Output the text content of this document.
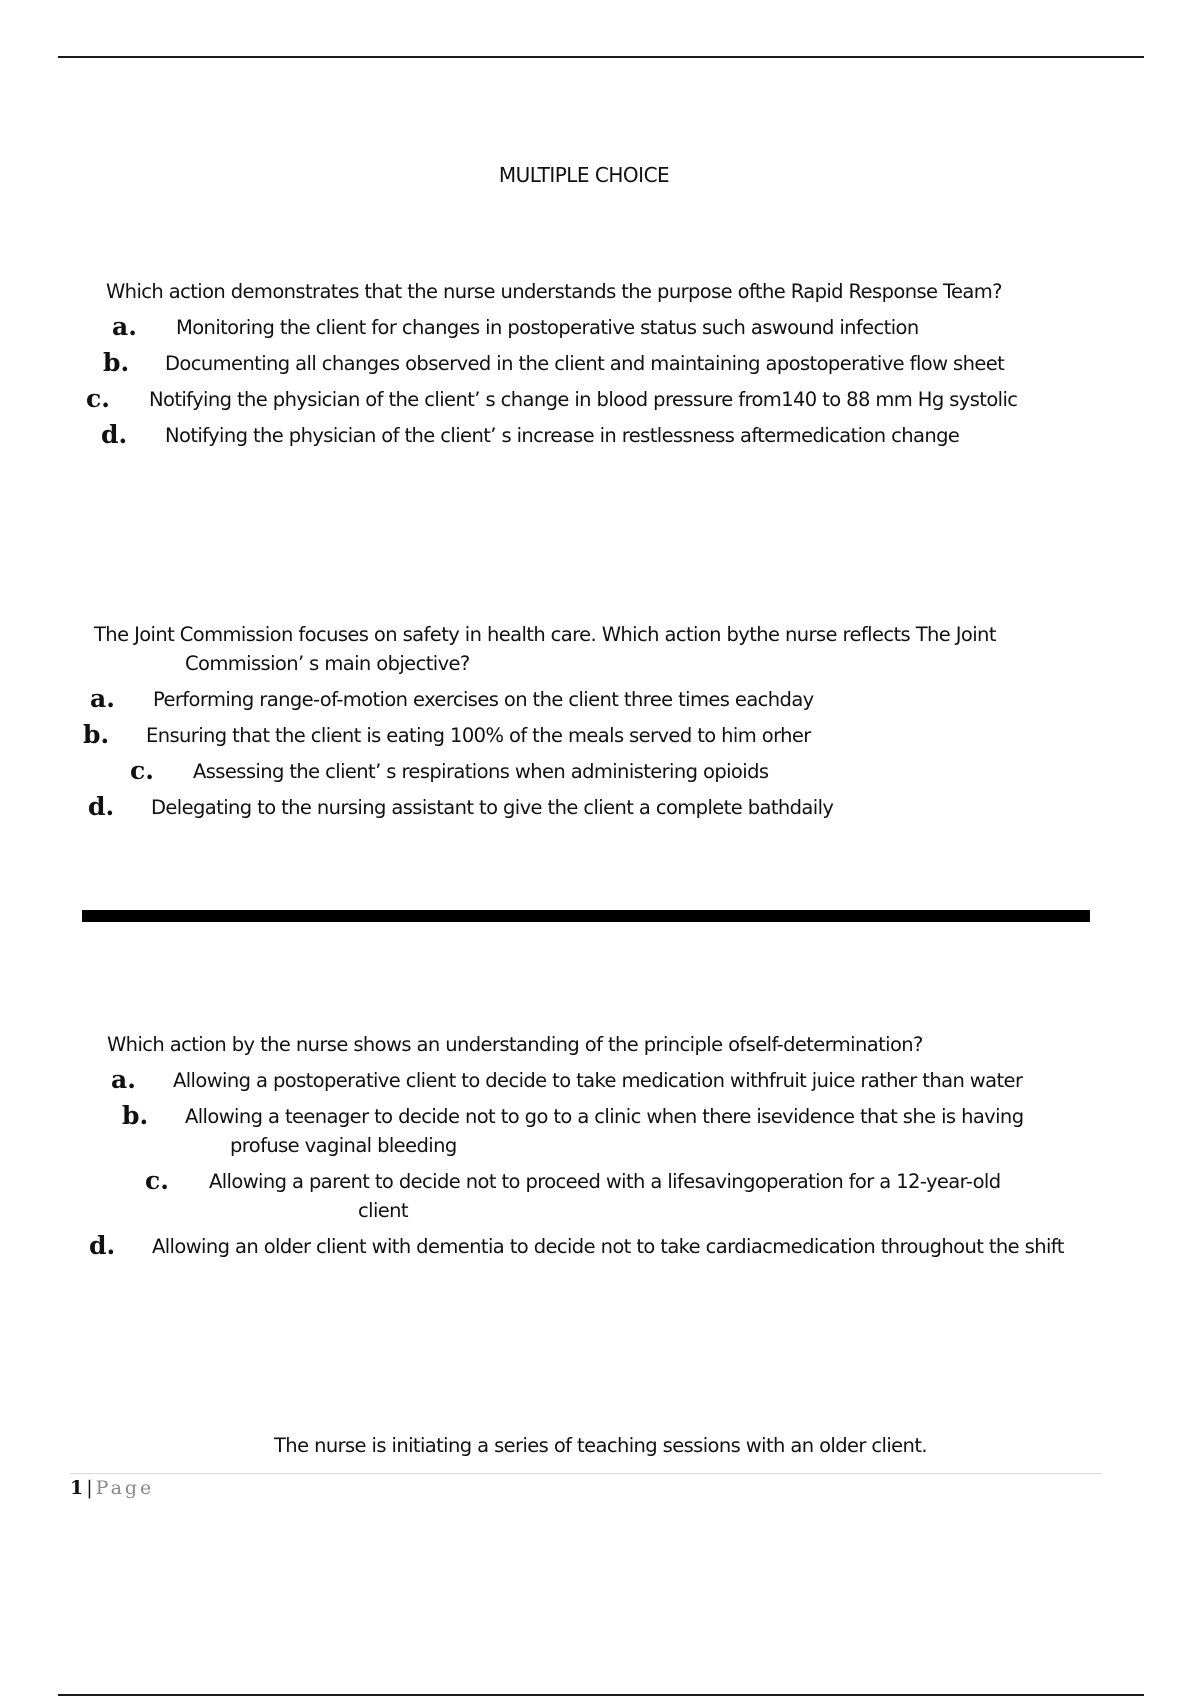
MULTIPLE CHOICE
Which action demonstrates that the nurse understands the purpose ofthe Rapid Response Team?
a. Monitoring the client for changes in postoperative status such aswound infection
b. Documenting all changes observed in the client and maintaining apostoperative flow sheet
c. Notifying the physician of the client’ s change in blood pressure from140 to 88 mm Hg systolic
d. Notifying the physician of the client’ s increase in restlessness aftermedication change
The Joint Commission focuses on safety in health care. Which action bythe nurse reflects The Joint
Commission’ s main objective?
a. Performing range-of-motion exercises on the client three times eachday
b. Ensuring that the client is eating 100% of the meals served to him orher
c. Assessing the client’ s respirations when administering opioids
d. Delegating to the nursing assistant to give the client a complete bathdaily
Which action by the nurse shows an understanding of the principle ofself-determination?
a. Allowing a postoperative client to decide to take medication withfruit juice rather than water
b. Allowing a teenager to decide not to go to a clinic when there isevidence that she is having
profuse vaginal bleeding
c. Allowing a parent to decide not to proceed with a lifesavingoperation for a 12-year-old
client
d. Allowing an older client with dementia to decide not to take cardiacmedication throughout the shift
The nurse is initiating a series of teaching sessions with an older client.
1 | Page
